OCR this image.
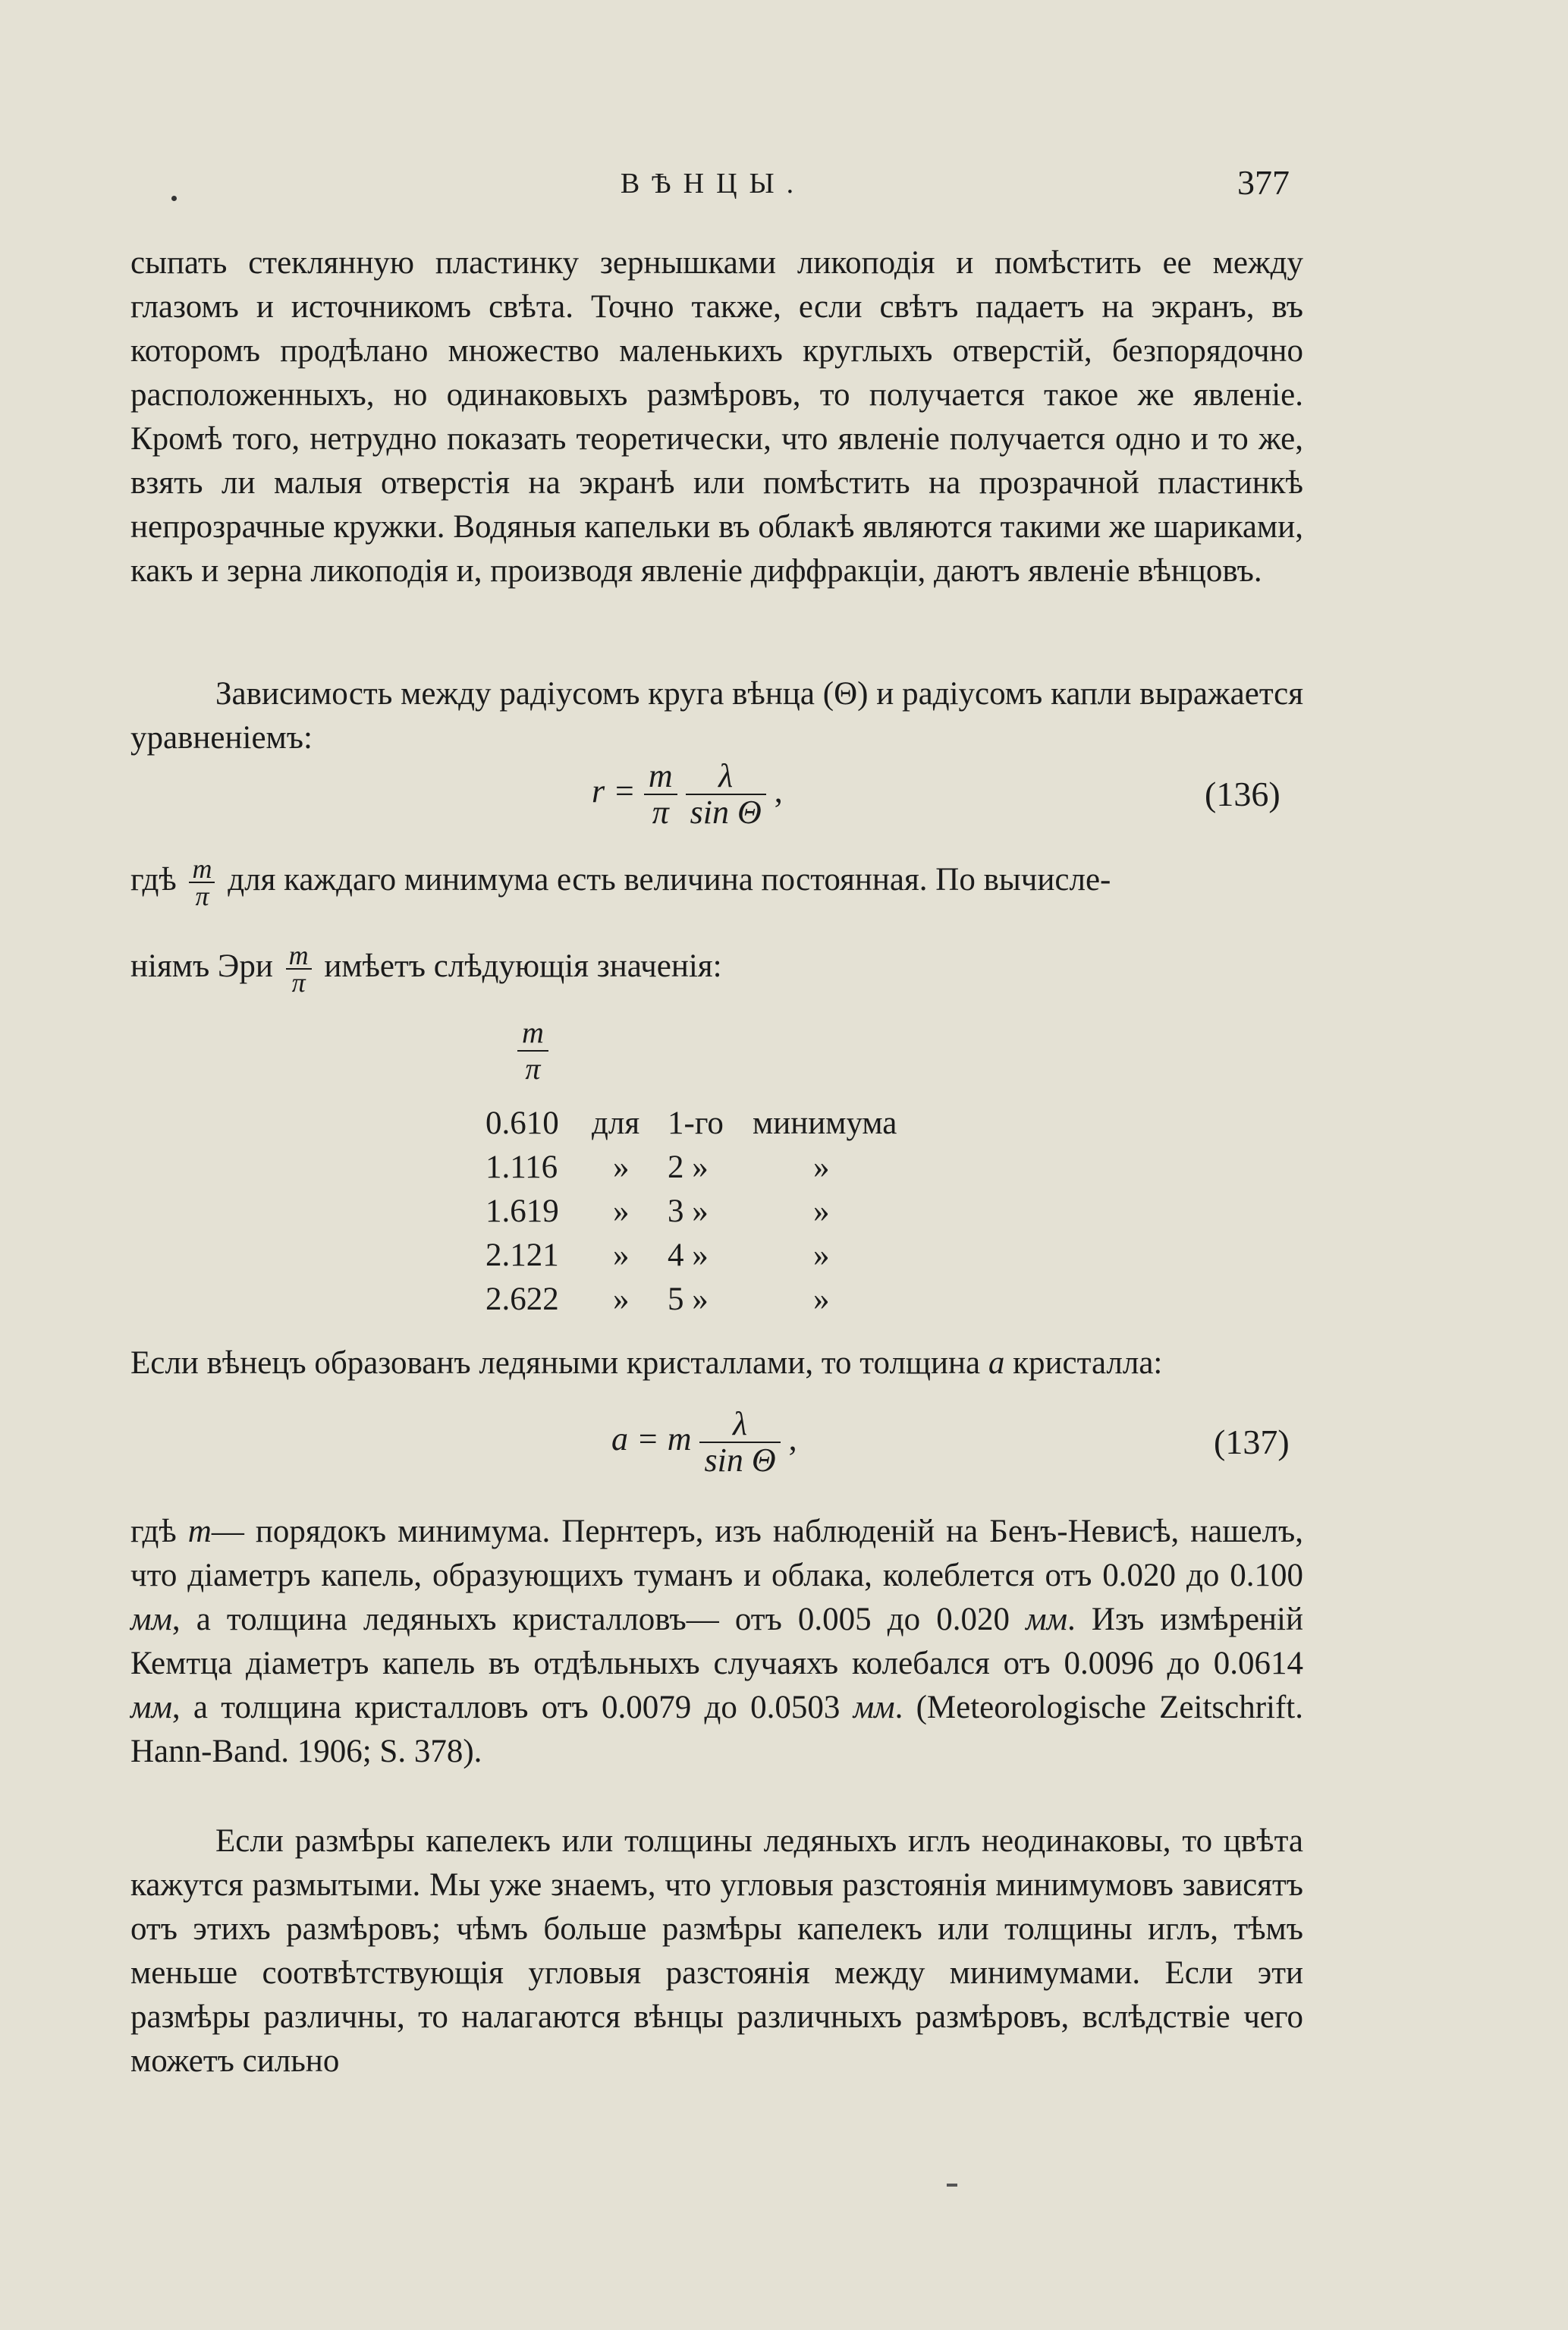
ВѢНЦЫ.	377

сыпать стеклянную пластинку зернышками ликоподія и помѣстить ее между глазомъ и источникомъ свѣта. Точно также, если свѣтъ падаетъ на экранъ, въ которомъ продѣлано множество маленькихъ круглыхъ отверстій, безпорядочно расположенныхъ, но одинаковыхъ размѣровъ, то получается такое же явленіе. Кромѣ того, нетрудно показать теоретически, что явленіе получается одно и то же, взять ли малыя отверстія на экранѣ или помѣстить на прозрачной пластинкѣ непрозрачные кружки. Водяныя капельки въ облакѣ являются такими же шариками, какъ и зерна ликоподія и, производя явленіе диффракціи, даютъ явленіе вѣнцовъ.

Зависимость между радіусомъ круга вѣнца (Θ) и радіусомъ капли выражается уравненіемъ:

$r = \frac{m}{\pi}$
$\frac{\lambda}{\text{sin Θ}}$ ,	(136)
гдѣ $\frac{m}{\pi}$ для каждаго минимума есть величина постоянная. По вычисле-
ніямъ Эри $\frac{m}{\pi}$ имѣетъ слѣдующія значенія:
$\frac{m}{\pi}$
0.610 для 1-го минимума
1.116 » 2 »	»
1.619 » 3 »	»
2.121 » 4 »	»
2.622 » 5 »	»
Если вѣнецъ образованъ ледяными кристаллами, то толщина a кристалла:
a = m $\frac{\lambda}{\text{sin Θ}}$ ,	(137)

гдѣ m— порядокъ минимума. Пернтеръ, изъ наблюденій на Бенъ-Невисѣ, нашелъ, что діаметръ капель, образующихъ туманъ и облака, колеблется отъ 0.020 до 0.100 мм, а толщина ледяныхъ кристалловъ— отъ 0.005 до 0.020 мм. Изъ измѣреній Кемтца діаметръ капель въ отдѣльныхъ случаяхъ колебался отъ 0.0096 до 0.0614 мм, а толщина кристалловъ отъ 0.0079 до 0.0503 мм. (Meteorologische Zeitschrift. Hann-Band. 1906; S. 378).

Если размѣры капелекъ или толщины ледяныхъ иглъ неодинаковы, то цвѣта кажутся размытыми. Мы уже знаемъ, что угловыя разстоянія минимумовъ зависятъ отъ этихъ размѣровъ; чѣмъ больше размѣры капелекъ или толщины иглъ, тѣмъ меньше соотвѣтствующія угловыя разстоянія между минимумами. Если эти размѣры различны, то налагаются вѣнцы различныхъ размѣровъ, вслѣдствіе чего можетъ сильно
